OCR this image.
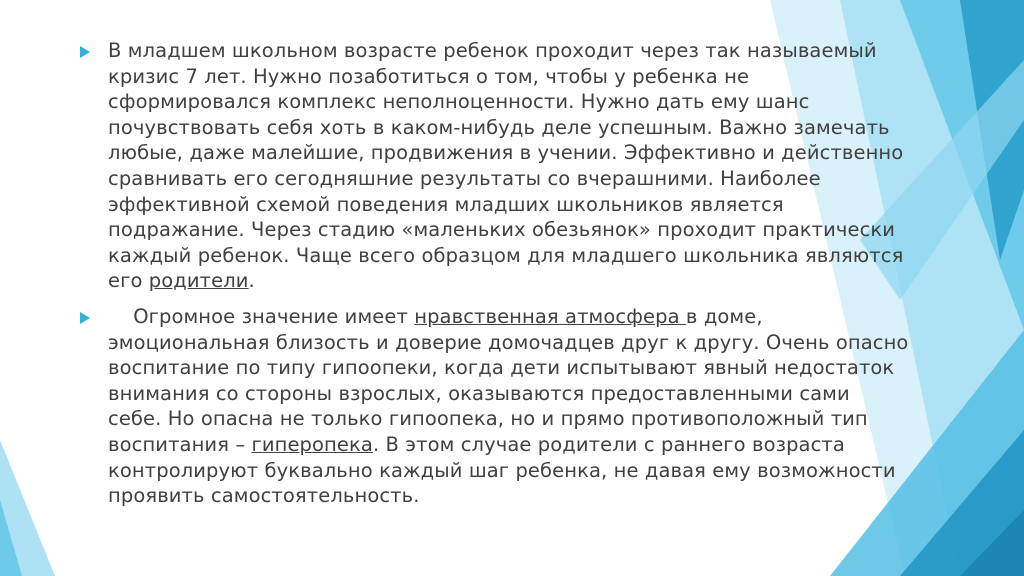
В младшем школьном возрасте ребенок проходит через так называемый
кризис 7 лет. Нужно позаботиться о том, чтобы у ребенка не
сформировался комплекс неполноценности. Нужно дать ему шанс
почувствовать себя хоть в каком-нибудь деле успешным. Важно замечать
любые, даже малейшие, продвижения в учении. Эффективно и действенно
сравнивать его сегодняшние результаты со вчерашними. Наиболее
эффективной схемой поведения младших школьников является
подражание. Через стадию «маленьких обезьянок» проходит практически
каждый ребенок. Чаще всего образцом для младшего школьника являются
его родители.
Огромное значение имеет нравственная атмосфера в доме,
эмоциональная близость и доверие домочадцев друг к другу. Очень опасно
воспитание по типу гипоопеки, когда дети испытывают явный недостаток
внимания со стороны взрослых, оказываются предоставленными сами
себе. Но опасна не только гипоопека, но и прямо противоположный тип
воспитания – гиперопека. В этом случае родители с раннего возраста
контролируют буквально каждый шаг ребенка, не давая ему возможности
проявить самостоятельность.
